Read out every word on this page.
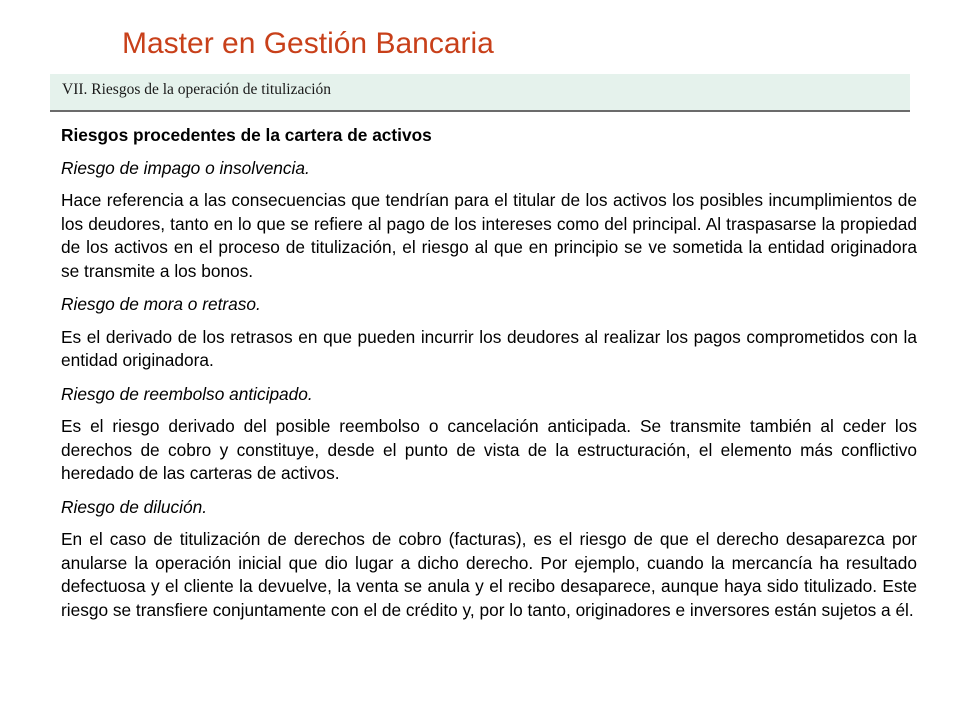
Master en Gestión Bancaria
VII. Riesgos de la operación de titulización

Riesgos procedentes de la cartera de activos

Riesgo de impago o insolvencia.

Hace referencia a las consecuencias que tendrían para el titular de los activos los posibles incumplimientos de los deudores, tanto en lo que se refiere al pago de los intereses como del principal. Al traspasarse la propiedad de los activos en el proceso de titulización, el riesgo al que en principio se ve sometida la entidad originadora se transmite a los bonos.

Riesgo de mora o retraso.

Es el derivado de los retrasos en que pueden incurrir los deudores al realizar los pagos comprometidos con la entidad originadora.

Riesgo de reembolso anticipado.

Es el riesgo derivado del posible reembolso o cancelación anticipada. Se transmite también al ceder los derechos de cobro y constituye, desde el punto de vista de la estructuración, el elemento más conflictivo heredado de las carteras de activos.

Riesgo de dilución.

En el caso de titulización de derechos de cobro (facturas), es el riesgo de que el derecho desaparezca por anularse la operación inicial que dio lugar a dicho derecho. Por ejemplo, cuando la mercancía ha resultado defectuosa y el cliente la devuelve, la venta se anula y el recibo desaparece, aunque haya sido titulizado. Este riesgo se transfiere conjuntamente con el de crédito y, por lo tanto, originadores e inversores están sujetos a él.
